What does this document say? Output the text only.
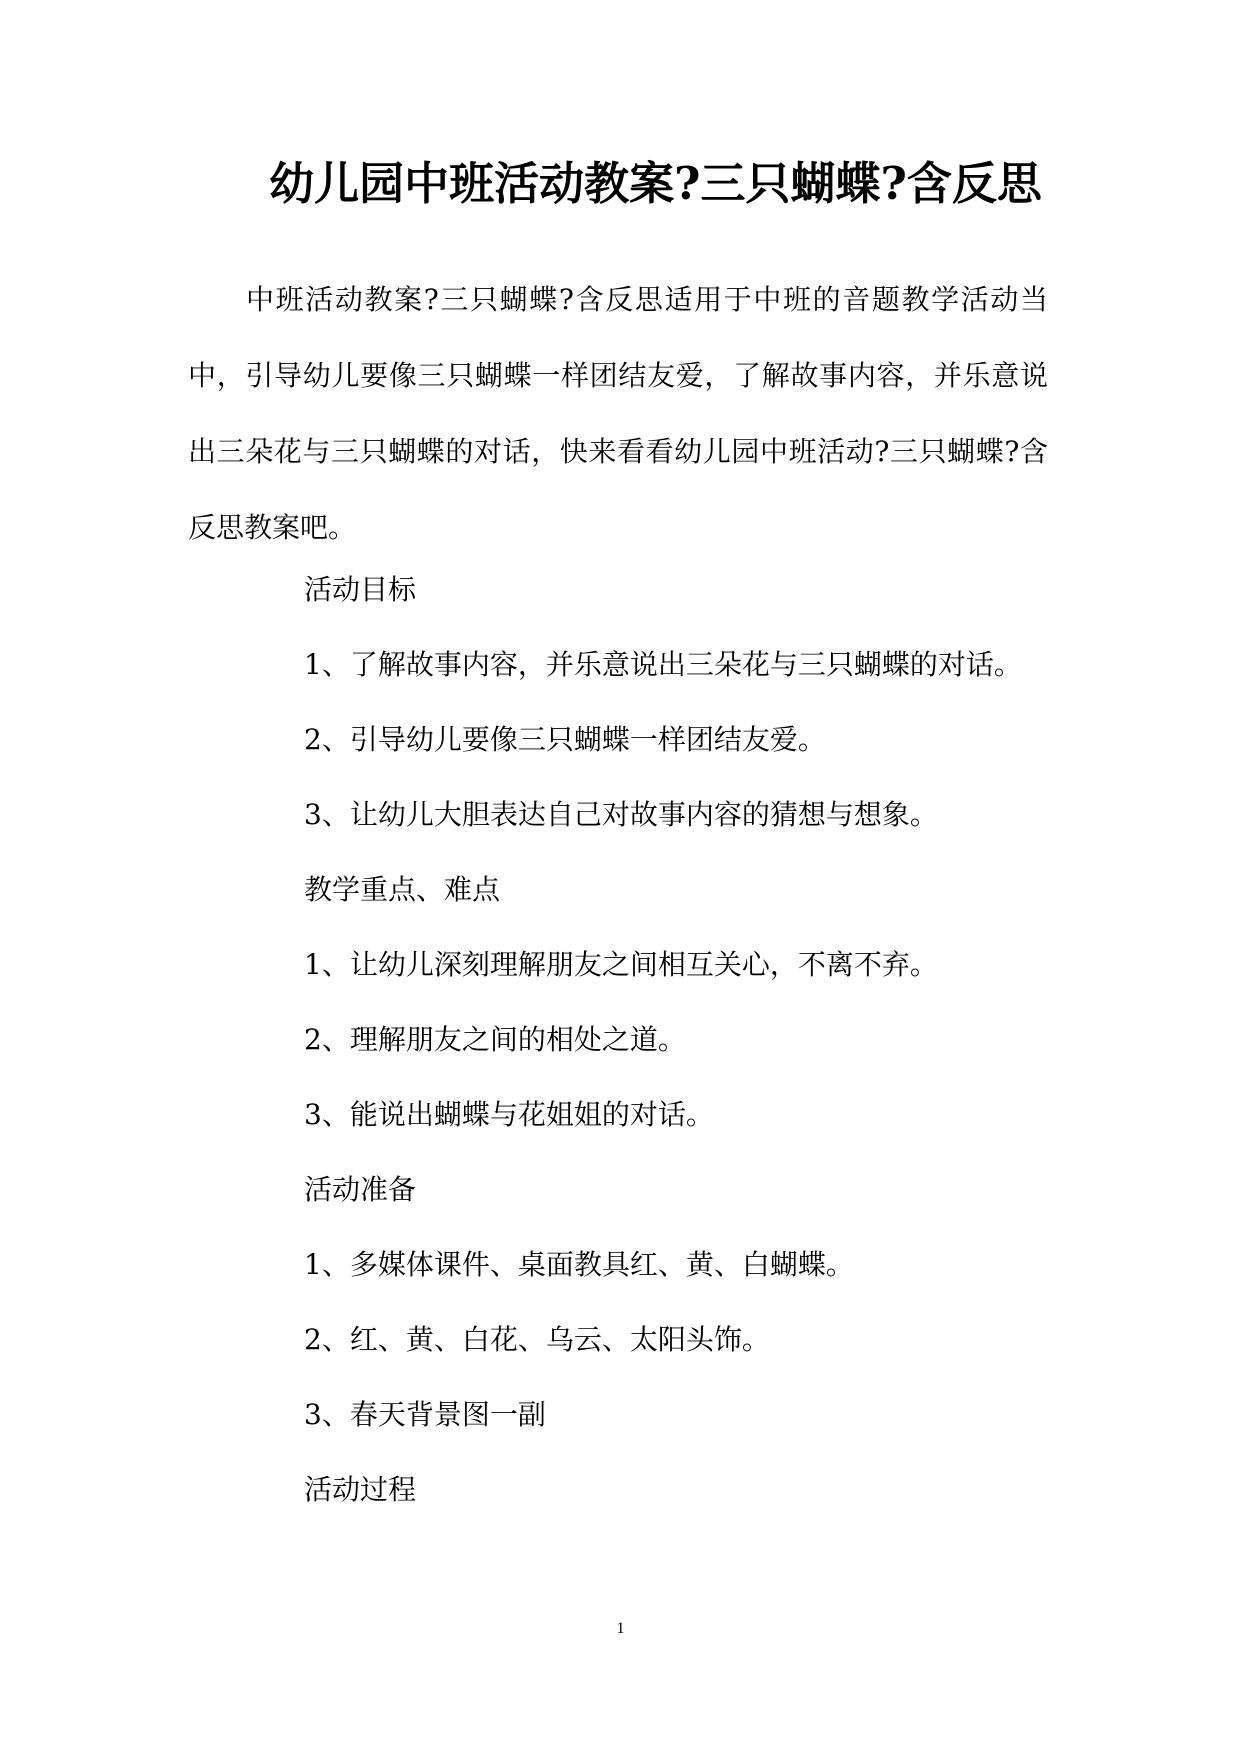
幼儿园中班活动教案?三只蝴蝶?含反思
中班活动教案?三只蝴蝶?含反思适用于中班的音题教学活动当中，引导幼儿要像三只蝴蝶一样团结友爱，了解故事内容，并乐意说出三朵花与三只蝴蝶的对话，快来看看幼儿园中班活动?三只蝴蝶?含反思教案吧。
活动目标
1、了解故事内容，并乐意说出三朵花与三只蝴蝶的对话。
2、引导幼儿要像三只蝴蝶一样团结友爱。
3、让幼儿大胆表达自己对故事内容的猜想与想象。
教学重点、难点
1、让幼儿深刻理解朋友之间相互关心，不离不弃。
2、理解朋友之间的相处之道。
3、能说出蝴蝶与花姐姐的对话。
活动准备
1、多媒体课件、桌面教具红、黄、白蝴蝶。
2、红、黄、白花、乌云、太阳头饰。
3、春天背景图一副
活动过程
1
